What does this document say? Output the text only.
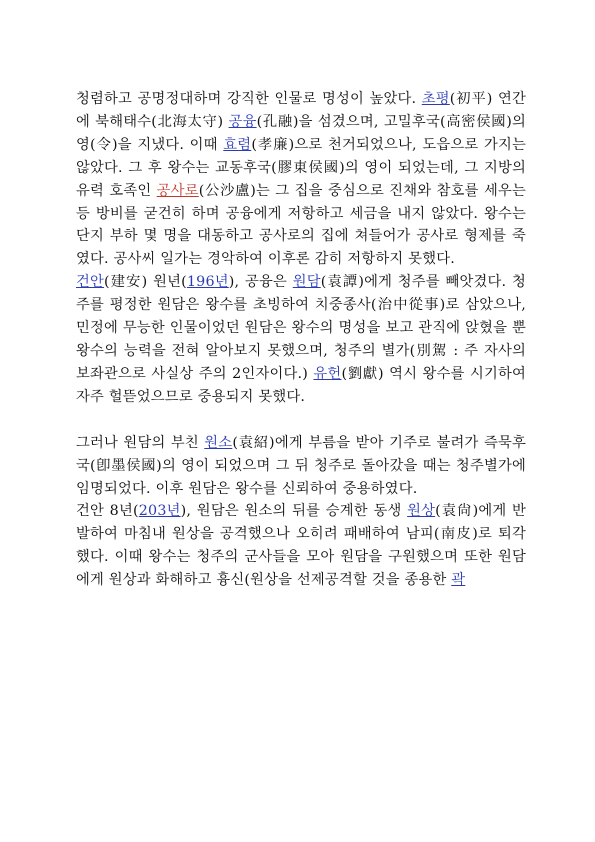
청렴하고 공명정대하며 강직한 인물로 명성이 높았다. 초평(初平) 연간에 북해태수(北海太守) 공융(孔融)을 섬겼으며, 고밀후국(高密侯國)의 영(令)을 지냈다. 이때 효렴(孝廉)으로 천거되었으나, 도읍으로 가지는 않았다. 그 후 왕수는 교동후국(膠東侯國)의 영이 되었는데, 그 지방의 유력 호족인 공사로(公沙盧)는 그 집을 중심으로 진채와 참호를 세우는 등 방비를 굳건히 하며 공융에게 저항하고 세금을 내지 않았다. 왕수는 단지 부하 몇 명을 대동하고 공사로의 집에 쳐들어가 공사로 형제를 죽였다. 공사씨 일가는 경악하여 이후론 감히 저항하지 못했다.

건안(建安) 원년(196년), 공융은 원담(袁譚)에게 청주를 빼앗겼다. 청주를 평정한 원담은 왕수를 초빙하여 치중종사(治中從事)로 삼았으나, 민정에 무능한 인물이었던 원담은 왕수의 명성을 보고 관직에 앉혔을 뿐 왕수의 능력을 전혀 알아보지 못했으며, 청주의 별가(別駕 : 주 자사의 보좌관으로 사실상 주의 2인자이다.) 유헌(劉獻) 역시 왕수를 시기하여 자주 헐뜯었으므로 중용되지 못했다.

그러나 원담의 부친 원소(袁紹)에게 부름을 받아 기주로 불려가 즉묵후국(卽墨侯國)의 영이 되었으며 그 뒤 청주로 돌아갔을 때는 청주별가에 임명되었다. 이후 원담은 왕수를 신뢰하여 중용하였다.

건안 8년(203년), 원담은 원소의 뒤를 승계한 동생 원상(袁尙)에게 반발하여 마침내 원상을 공격했으나 오히려 패배하여 남피(南皮)로 퇴각했다. 이때 왕수는 청주의 군사들을 모아 원담을 구원했으며 또한 원담에게 원상과 화해하고 흉신(원상을 선제공격할 것을 종용한 곽
